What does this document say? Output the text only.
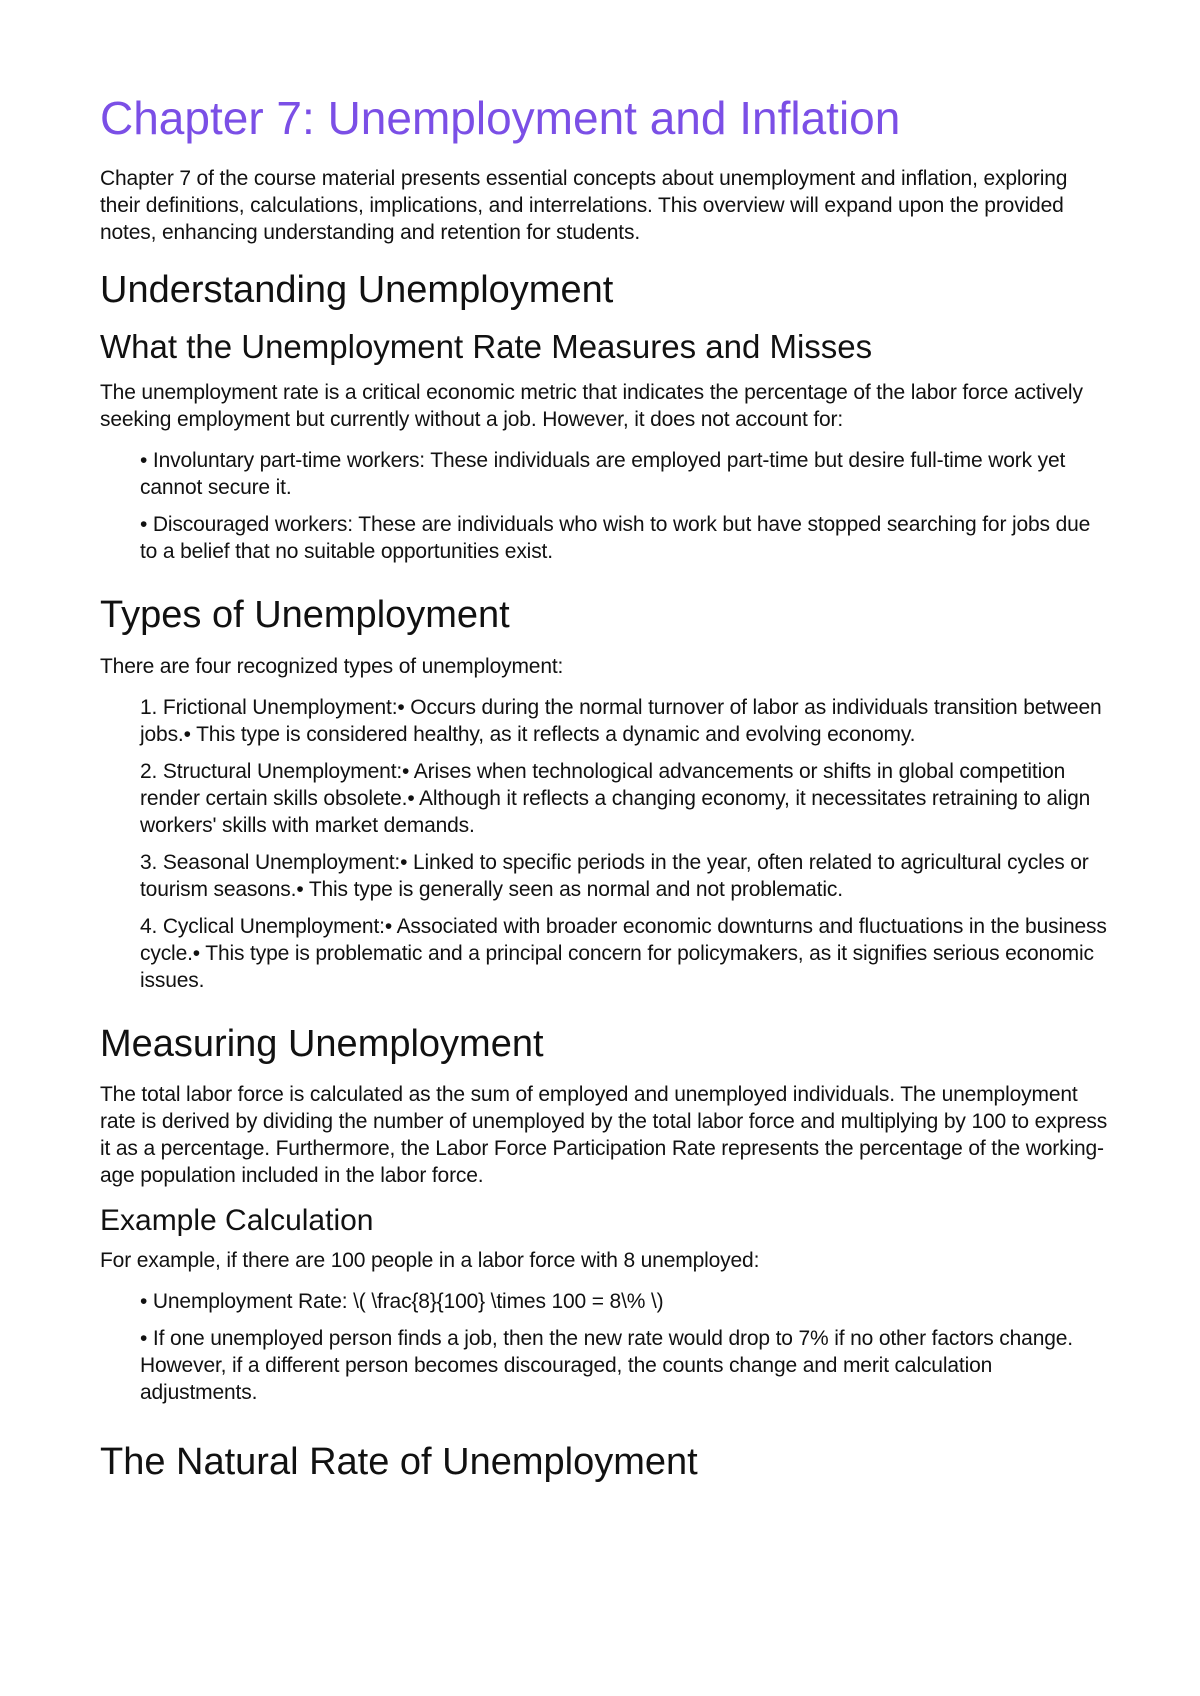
Chapter 7: Unemployment and Inflation

Chapter 7 of the course material presents essential concepts about unemployment and inflation, exploring their definitions, calculations, implications, and interrelations. This overview will expand upon the provided notes, enhancing understanding and retention for students.

Understanding Unemployment
What the Unemployment Rate Measures and Misses

The unemployment rate is a critical economic metric that indicates the percentage of the labor force actively seeking employment but currently without a job. However, it does not account for:

• Involuntary part-time workers: These individuals are employed part-time but desire full-time work yet cannot secure it.
• Discouraged workers: These are individuals who wish to work but have stopped searching for jobs due to a belief that no suitable opportunities exist.
Types of Unemployment

There are four recognized types of unemployment:

1. Frictional Unemployment:• Occurs during the normal turnover of labor as individuals transition between jobs.• This type is considered healthy, as it reflects a dynamic and evolving economy.
2. Structural Unemployment:• Arises when technological advancements or shifts in global competition render certain skills obsolete.• Although it reflects a changing economy, it necessitates retraining to align workers' skills with market demands.
3. Seasonal Unemployment:• Linked to specific periods in the year, often related to agricultural cycles or tourism seasons.• This type is generally seen as normal and not problematic.
4. Cyclical Unemployment:• Associated with broader economic downturns and fluctuations in the business cycle.• This type is problematic and a principal concern for policymakers, as it signifies serious economic issues.
Measuring Unemployment

The total labor force is calculated as the sum of employed and unemployed individuals. The unemployment rate is derived by dividing the number of unemployed by the total labor force and multiplying by 100 to express it as a percentage. Furthermore, the Labor Force Participation Rate represents the percentage of the working-age population included in the labor force.

Example Calculation

For example, if there are 100 people in a labor force with 8 unemployed:

• Unemployment Rate: \( \frac{8}{100} \times 100 = 8\% \)
• If one unemployed person finds a job, then the new rate would drop to 7% if no other factors change. However, if a different person becomes discouraged, the counts change and merit calculation adjustments.
The Natural Rate of Unemployment
